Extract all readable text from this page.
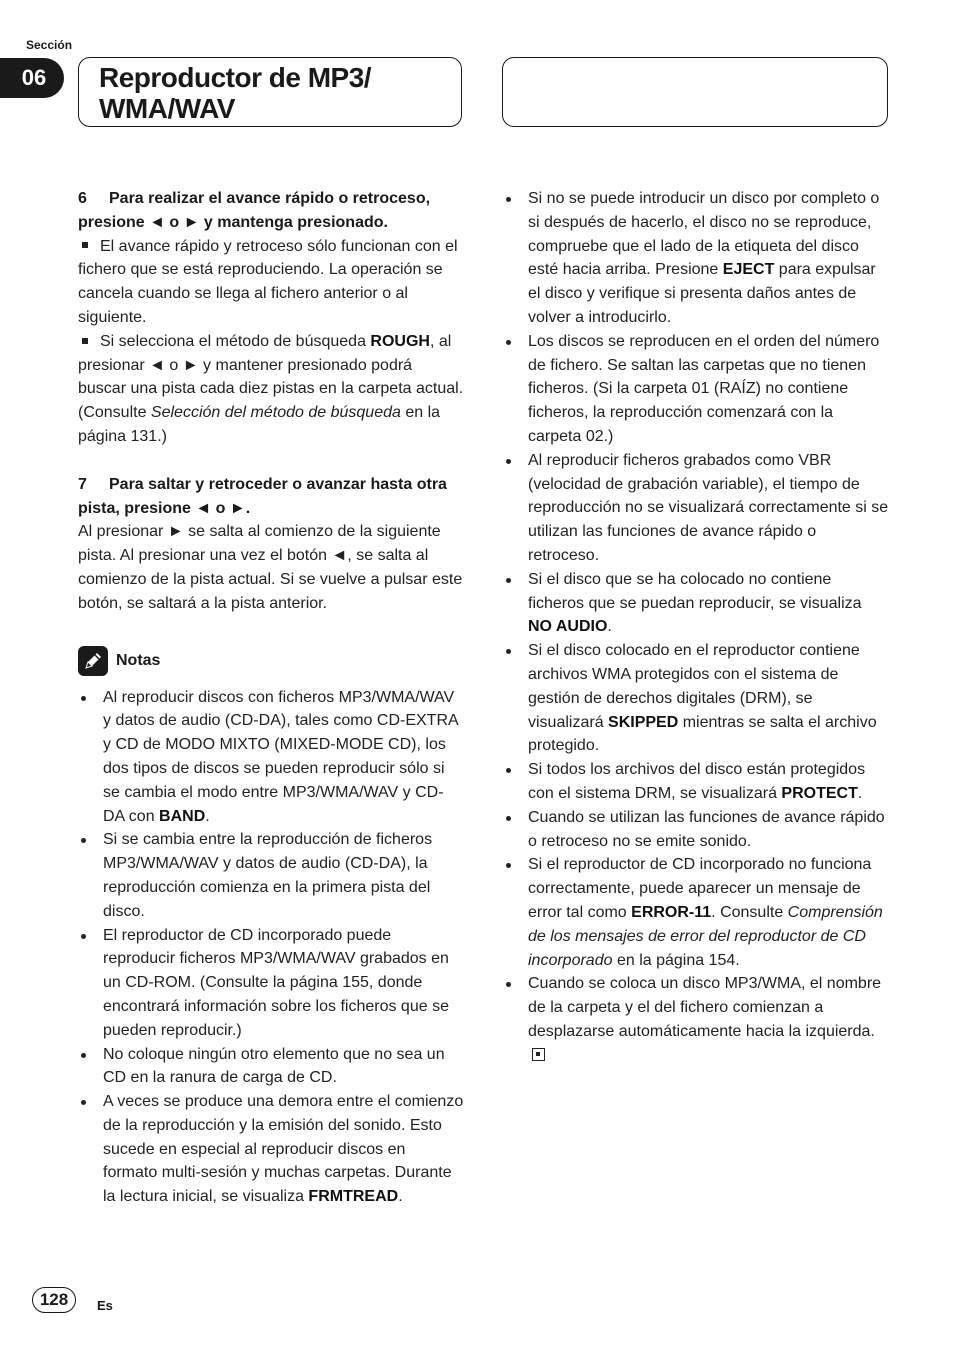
Sección
06	Reproductor de MP3/
WMA/WAV

6 Para realizar el avance rápido o retroceso, presione ◄ o ► y mantenga presionado.

El avance rápido y retroceso sólo funcionan con el fichero que se está reproduciendo. La operación se cancela cuando se llega al fichero anterior o al siguiente.

Si selecciona el método de búsqueda ROUGH, al presionar ◄ o ► y mantener presionado podrá buscar una pista cada diez pistas en la carpeta actual. (Consulte Selección del método de búsqueda en la página 131.)

7 Para saltar y retroceder o avanzar hasta otra pista, presione ◄ o ►.

Al presionar ► se salta al comienzo de la siguiente pista. Al presionar una vez el botón ◄, se salta al comienzo de la pista actual. Si se vuelve a pulsar este botón, se saltará a la pista anterior.

Notas
Al reproducir discos con ficheros MP3/WMA/WAV y datos de audio (CD-DA), tales como CD-EXTRA y CD de MODO MIXTO (MIXED-MODE CD), los dos tipos de discos se pueden reproducir sólo si se cambia el modo entre MP3/WMA/WAV y CD-DA con BAND.
Si se cambia entre la reproducción de ficheros MP3/WMA/WAV y datos de audio (CD-DA), la reproducción comienza en la primera pista del disco.
El reproductor de CD incorporado puede reproducir ficheros MP3/WMA/WAV grabados en un CD-ROM. (Consulte la página 155, donde encontrará información sobre los ficheros que se pueden reproducir.)
No coloque ningún otro elemento que no sea un CD en la ranura de carga de CD.
A veces se produce una demora entre el comienzo de la reproducción y la emisión del sonido. Esto sucede en especial al reproducir discos en formato multi-sesión y muchas carpetas. Durante la lectura inicial, se visualiza FRMTREAD.
Si no se puede introducir un disco por completo o si después de hacerlo, el disco no se reproduce, compruebe que el lado de la etiqueta del disco esté hacia arriba. Presione EJECT para expulsar el disco y verifique si presenta daños antes de volver a introducirlo.
Los discos se reproducen en el orden del número de fichero. Se saltan las carpetas que no tienen ficheros. (Si la carpeta 01 (RAÍZ) no contiene ficheros, la reproducción comenzará con la carpeta 02.)
Al reproducir ficheros grabados como VBR (velocidad de grabación variable), el tiempo de reproducción no se visualizará correctamente si se utilizan las funciones de avance rápido o retroceso.
Si el disco que se ha colocado no contiene ficheros que se puedan reproducir, se visualiza NO AUDIO.
Si el disco colocado en el reproductor contiene archivos WMA protegidos con el sistema de gestión de derechos digitales (DRM), se visualizará SKIPPED mientras se salta el archivo protegido.
Si todos los archivos del disco están protegidos con el sistema DRM, se visualizará PROTECT.
Cuando se utilizan las funciones de avance rápido o retroceso no se emite sonido.
Si el reproductor de CD incorporado no funciona correctamente, puede aparecer un mensaje de error tal como ERROR-11. Consulte Comprensión de los mensajes de error del reproductor de CD incorporado en la página 154.
Cuando se coloca un disco MP3/WMA, el nombre de la carpeta y el del fichero comienzan a desplazarse automáticamente hacia la izquierda.
128	Es
